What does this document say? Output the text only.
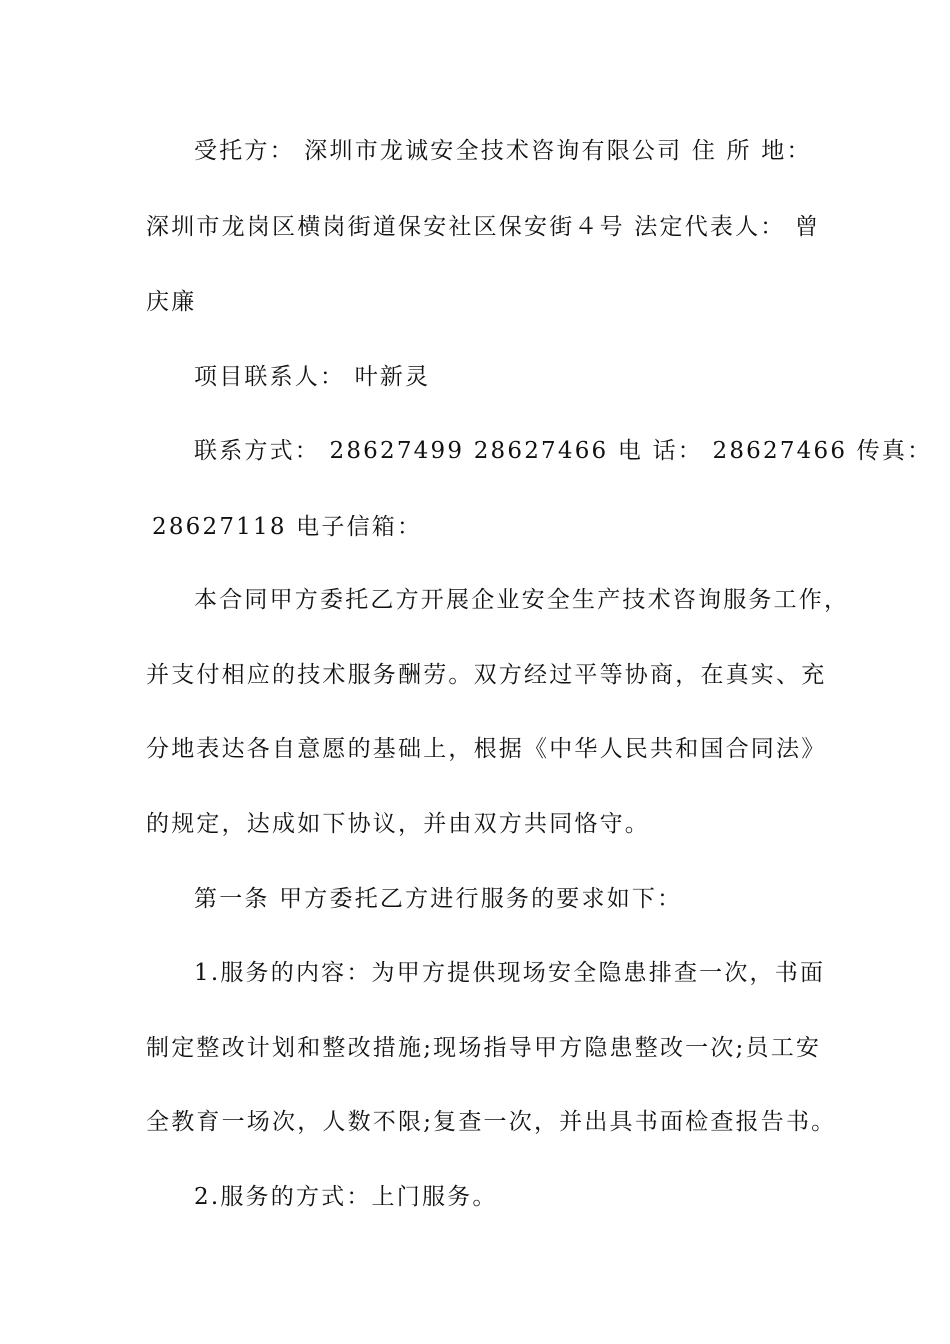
受托方： 深圳市龙诚安全技术咨询有限公司 住 所 地：
深圳市龙岗区横岗街道保安社区保安街４号 法定代表人： 曾
庆廉
项目联系人： 叶新灵
联系方式： 28627499 28627466 电 话： 28627466 传真：
28627118 电子信箱：
本合同甲方委托乙方开展企业安全生产技术咨询服务工作，
并支付相应的技术服务酬劳。双方经过平等协商，在真实、充
分地表达各自意愿的基础上，根据《中华人民共和国合同法》
的规定，达成如下协议，并由双方共同恪守。
第一条 甲方委托乙方进行服务的要求如下：
1.服务的内容：为甲方提供现场安全隐患排查一次，书面
制定整改计划和整改措施;现场指导甲方隐患整改一次;员工安
全教育一场次，人数不限;复查一次，并出具书面检查报告书。
2.服务的方式：上门服务。
